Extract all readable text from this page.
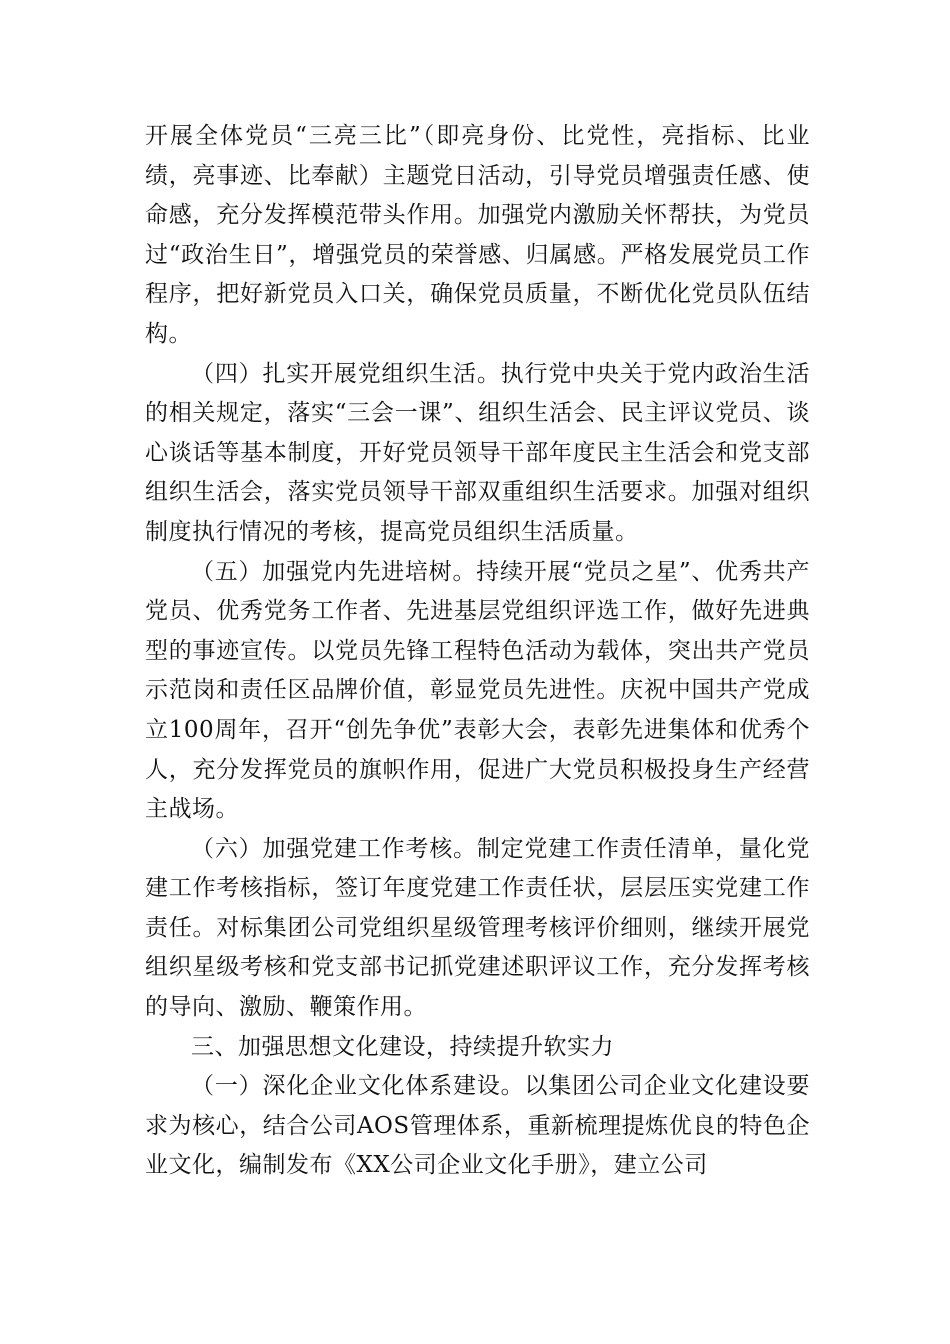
开展全体党员“三亮三比”（即亮身份、比党性，亮指标、比业绩，亮事迹、比奉献）主题党日活动，引导党员增强责任感、使命感，充分发挥模范带头作用。加强党内激励关怀帮扶，为党员过“政治生日”，增强党员的荣誉感、归属感。严格发展党员工作程序，把好新党员入口关，确保党员质量，不断优化党员队伍结构。

（四）扎实开展党组织生活。执行党中央关于党内政治生活的相关规定，落实“三会一课”、组织生活会、民主评议党员、谈心谈话等基本制度，开好党员领导干部年度民主生活会和党支部组织生活会，落实党员领导干部双重组织生活要求。加强对组织制度执行情况的考核，提高党员组织生活质量。

（五）加强党内先进培树。持续开展“党员之星”、优秀共产党员、优秀党务工作者、先进基层党组织评选工作，做好先进典型的事迹宣传。以党员先锋工程特色活动为载体，突出共产党员示范岗和责任区品牌价值，彰显党员先进性。庆祝中国共产党成立100周年，召开“创先争优”表彰大会，表彰先进集体和优秀个人，充分发挥党员的旗帜作用，促进广大党员积极投身生产经营主战场。

（六）加强党建工作考核。制定党建工作责任清单，量化党建工作考核指标，签订年度党建工作责任状，层层压实党建工作责任。对标集团公司党组织星级管理考核评价细则，继续开展党组织星级考核和党支部书记抓党建述职评议工作，充分发挥考核的导向、激励、鞭策作用。

三、加强思想文化建设，持续提升软实力

（一）深化企业文化体系建设。以集团公司企业文化建设要求为核心，结合公司AOS管理体系，重新梳理提炼优良的特色企业文化，编制发布《XX公司企业文化手册》，建立公司
